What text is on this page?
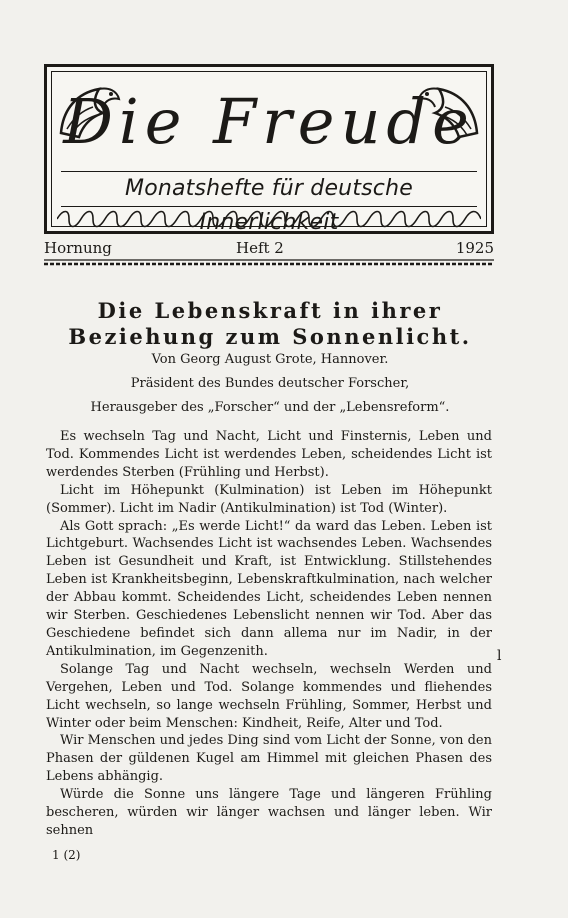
Die Freude
Monatshefte für deutsche Innerlichkeit
Hornung	Heft 2	1925
Die Lebenskraft in ihrer Beziehung zum Sonnenlicht.

Von Georg August Grote, Hannover.

Präsident des Bundes deutscher Forscher,

Herausgeber des „Forscher“ und der „Lebensreform“.

Es wechseln Tag und Nacht, Licht und Finsternis, Leben und Tod. Kommendes Licht ist werdendes Leben, scheidendes Licht ist werdendes Sterben (Frühling und Herbst).

Licht im Höhepunkt (Kulmination) ist Leben im Höhepunkt (Sommer). Licht im Nadir (Antikulmination) ist Tod (Winter).

Als Gott sprach: „Es werde Licht!“ da ward das Leben. Leben ist Lichtgeburt. Wachsendes Licht ist wachsendes Leben. Wachsendes Leben ist Gesundheit und Kraft, ist Entwicklung. Stillstehendes Leben ist Krankheitsbeginn, Lebenskraftkulmination, nach welcher der Abbau kommt. Scheidendes Licht, scheidendes Leben nennen wir Sterben. Geschiedenes Lebenslicht nennen wir Tod. Aber das Geschiedene befindet sich dann allema nur im Nadir, in der Antikulmination, im Gegenzenith.

Solange Tag und Nacht wechseln, wechseln Werden und Vergehen, Leben und Tod. Solange kommendes und fliehendes Licht wechseln, so lange wechseln Frühling, Sommer, Herbst und Winter oder beim Menschen: Kindheit, Reife, Alter und Tod.

Wir Menschen und jedes Ding sind vom Licht der Sonne, von den Phasen der güldenen Kugel am Himmel mit gleichen Phasen des Lebens abhängig.

Würde die Sonne uns längere Tage und längeren Frühling bescheren, würden wir länger wachsen und länger leben. Wir sehnen

l
1 (2)
